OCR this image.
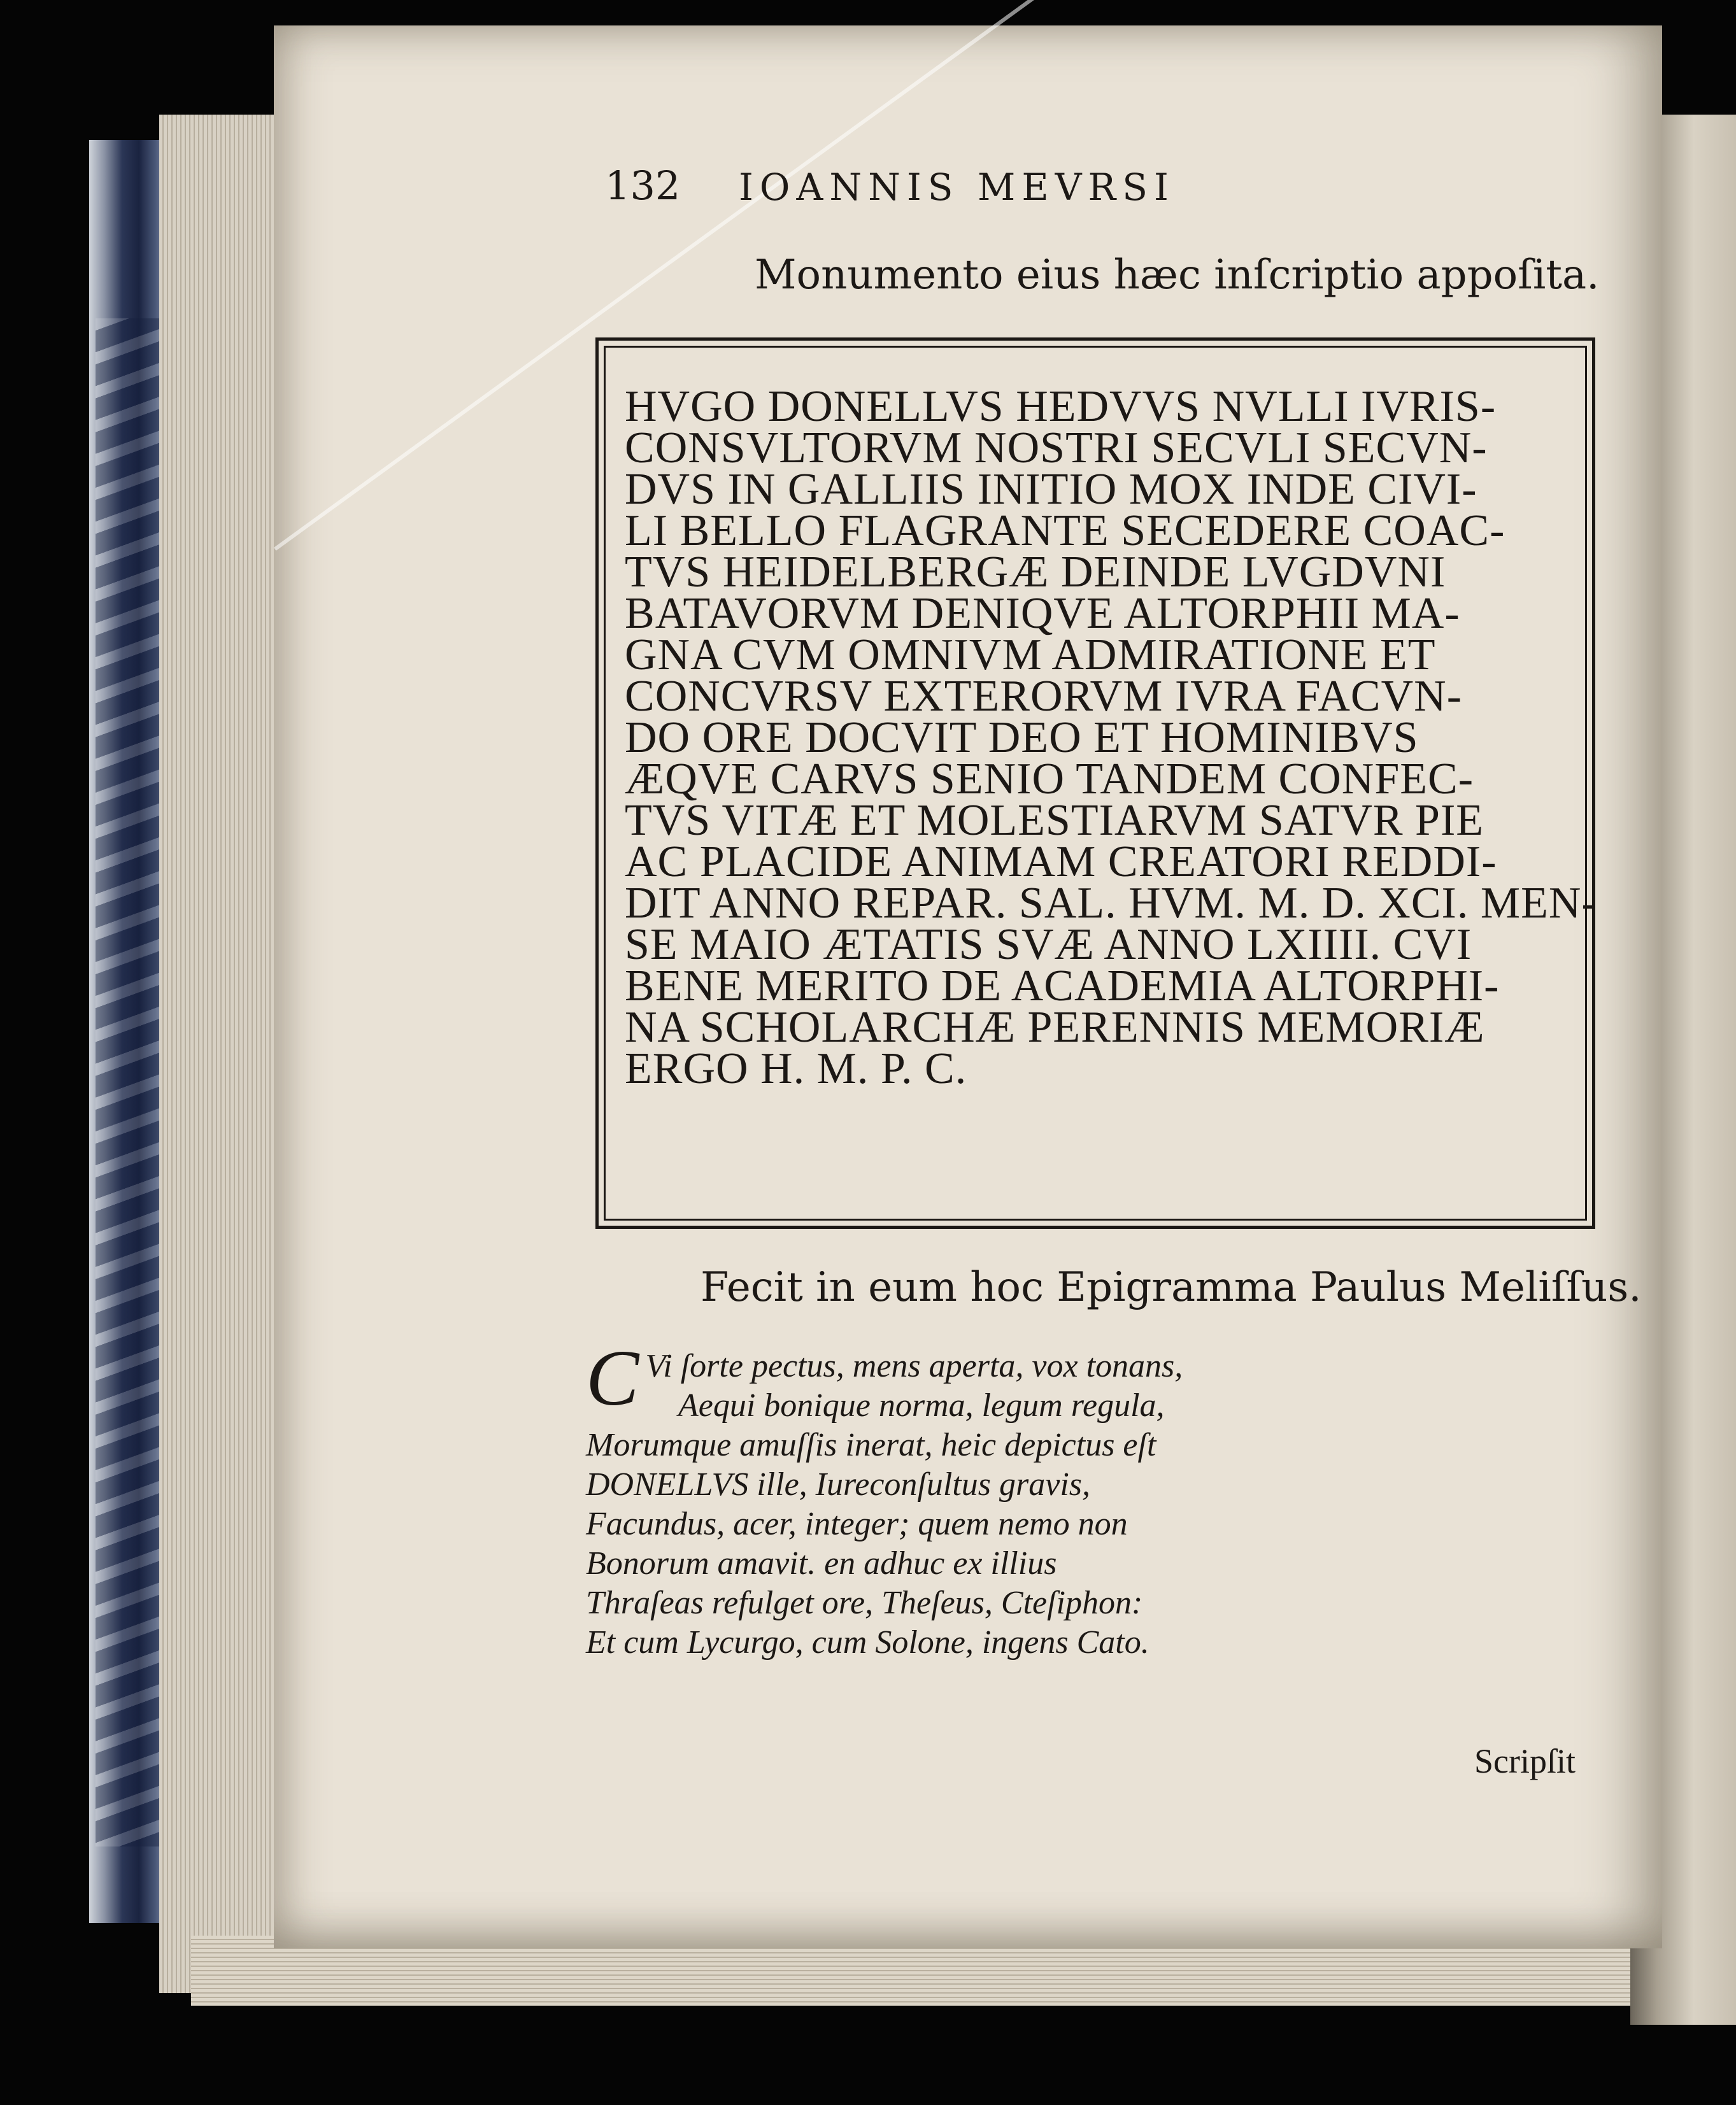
132 IOANNIS MEVRSI
Monumento eius hæc inſcriptio appoſita.
HVGO DONELLVS HEDVVS NVLLI IVRIS-
CONSVLTORVM NOSTRI SECVLI SECVN-
DVS IN GALLIIS INITIO MOX INDE CIVI-
LI BELLO FLAGRANTE SECEDERE COAC-
TVS HEIDELBERGÆ DEINDE LVGDVNI
BATAVORVM DENIQVE ALTORPHII MA-
GNA CVM OMNIVM ADMIRATIONE ET
CONCVRSV EXTERORVM IVRA FACVN-
DO ORE DOCVIT DEO ET HOMINIBVS
ÆQVE CARVS SENIO TANDEM CONFEC-
TVS VITÆ ET MOLESTIARVM SATVR PIE
AC PLACIDE ANIMAM CREATORI REDDI-
DIT ANNO REPAR. SAL. HVM. M. D. XCI. MEN-
SE MAIO ÆTATIS SVÆ ANNO LXIIII. CVI
BENE MERITO DE ACADEMIA ALTORPHI-
NA SCHOLARCHÆ PERENNIS MEMORIÆ
ERGO H. M. P. C.
Fecit in eum hoc Epigramma Paulus Meliſſus.
C Vi ſorte pectus, mens aperta, vox tonans,
Aequi bonique norma, legum regula,
Morumque amuſſis inerat, heic depictus eſt
DONELLVS ille, Iureconſultus gravis,
Facundus, acer, integer; quem nemo non
Bonorum amavit. en adhuc ex illius
Thraſeas refulget ore, Theſeus, Cteſiphon:
Et cum Lycurgo, cum Solone, ingens Cato.
Scripſit
